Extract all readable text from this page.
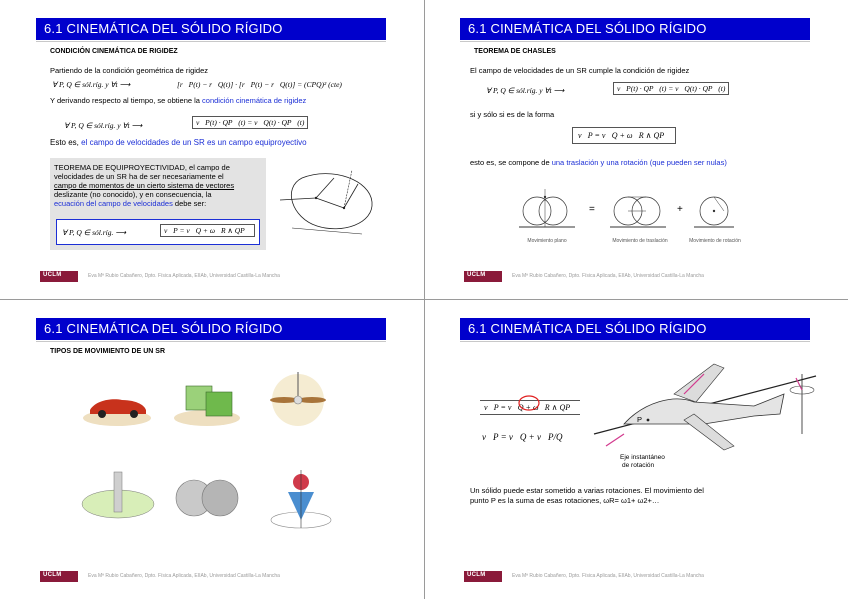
6.1 CINEMÁTICA DEL SÓLIDO RÍGIDO
CONDICIÓN CINEMÁTICA DE RIGIDEZ
Partiendo de la condición geométrica de rigidez
∀ P, Q ∈ sól.ríg. y ∀t ⟶	[r⃗P(t) − r⃗Q(t)] · [r⃗P(t) − r⃗Q(t)] = (CPQ)² (cte)
Y derivando respecto al tiempo, se obtiene la condición cinemática de rigidez
∀ P, Q ∈ sól.ríg. y ∀t ⟶	v⃗P(t) · QP⃗(t) = v⃗Q(t) · QP⃗(t)
Esto es, el campo de velocidades de un SR es un campo equiproyectivo
TEOREMA DE EQUIPROYECTIVIDAD, el campo de
velocidades de un SR ha de ser necesariamente el
campo de momentos de un cierto sistema de vectores
deslizante (no conocido), y en consecuencia, la
ecuación del campo de velocidades debe ser:
∀ P, Q ∈ sól.ríg. ⟶	v⃗P = v⃗Q + ω⃗R ∧ QP⃗
UCLM	Eva Mª Rubio Cabañero, Dpto. Física Aplicada, EIIAb, Universidad Castilla-La Mancha
6.1 CINEMÁTICA DEL SÓLIDO RÍGIDO
TEOREMA DE CHASLES
El campo de velocidades de un SR cumple la condición de rigidez
∀ P, Q ∈ sól.ríg. y ∀t ⟶	v⃗P(t) · QP⃗(t) = v⃗Q(t) · QP⃗(t)
si y sólo si es de la forma
v⃗P = v⃗Q + ω⃗R ∧ QP⃗
esto es, se compone de una traslación y una rotación (que pueden ser nulas)
=	+
Movimiento plano	Movimiento de traslación	Movimiento de rotación
UCLM	Eva Mª Rubio Cabañero, Dpto. Física Aplicada, EIIAb, Universidad Castilla-La Mancha
6.1 CINEMÁTICA DEL SÓLIDO RÍGIDO
TIPOS DE MOVIMIENTO DE UN SR
UCLM	Eva Mª Rubio Cabañero, Dpto. Física Aplicada, EIIAb, Universidad Castilla-La Mancha
6.1 CINEMÁTICA DEL SÓLIDO RÍGIDO
v⃗P = v⃗Q + ω⃗R ∧ QP⃗
v⃗P = v⃗Q + v⃗P/Q
P
Eje instantáneo
de rotación
Un sólido puede estar sometido a varias rotaciones. El movimiento del
punto P es la suma de esas rotaciones, ωR= ω1+ ω2+…
UCLM	Eva Mª Rubio Cabañero, Dpto. Física Aplicada, EIIAb, Universidad Castilla-La Mancha
